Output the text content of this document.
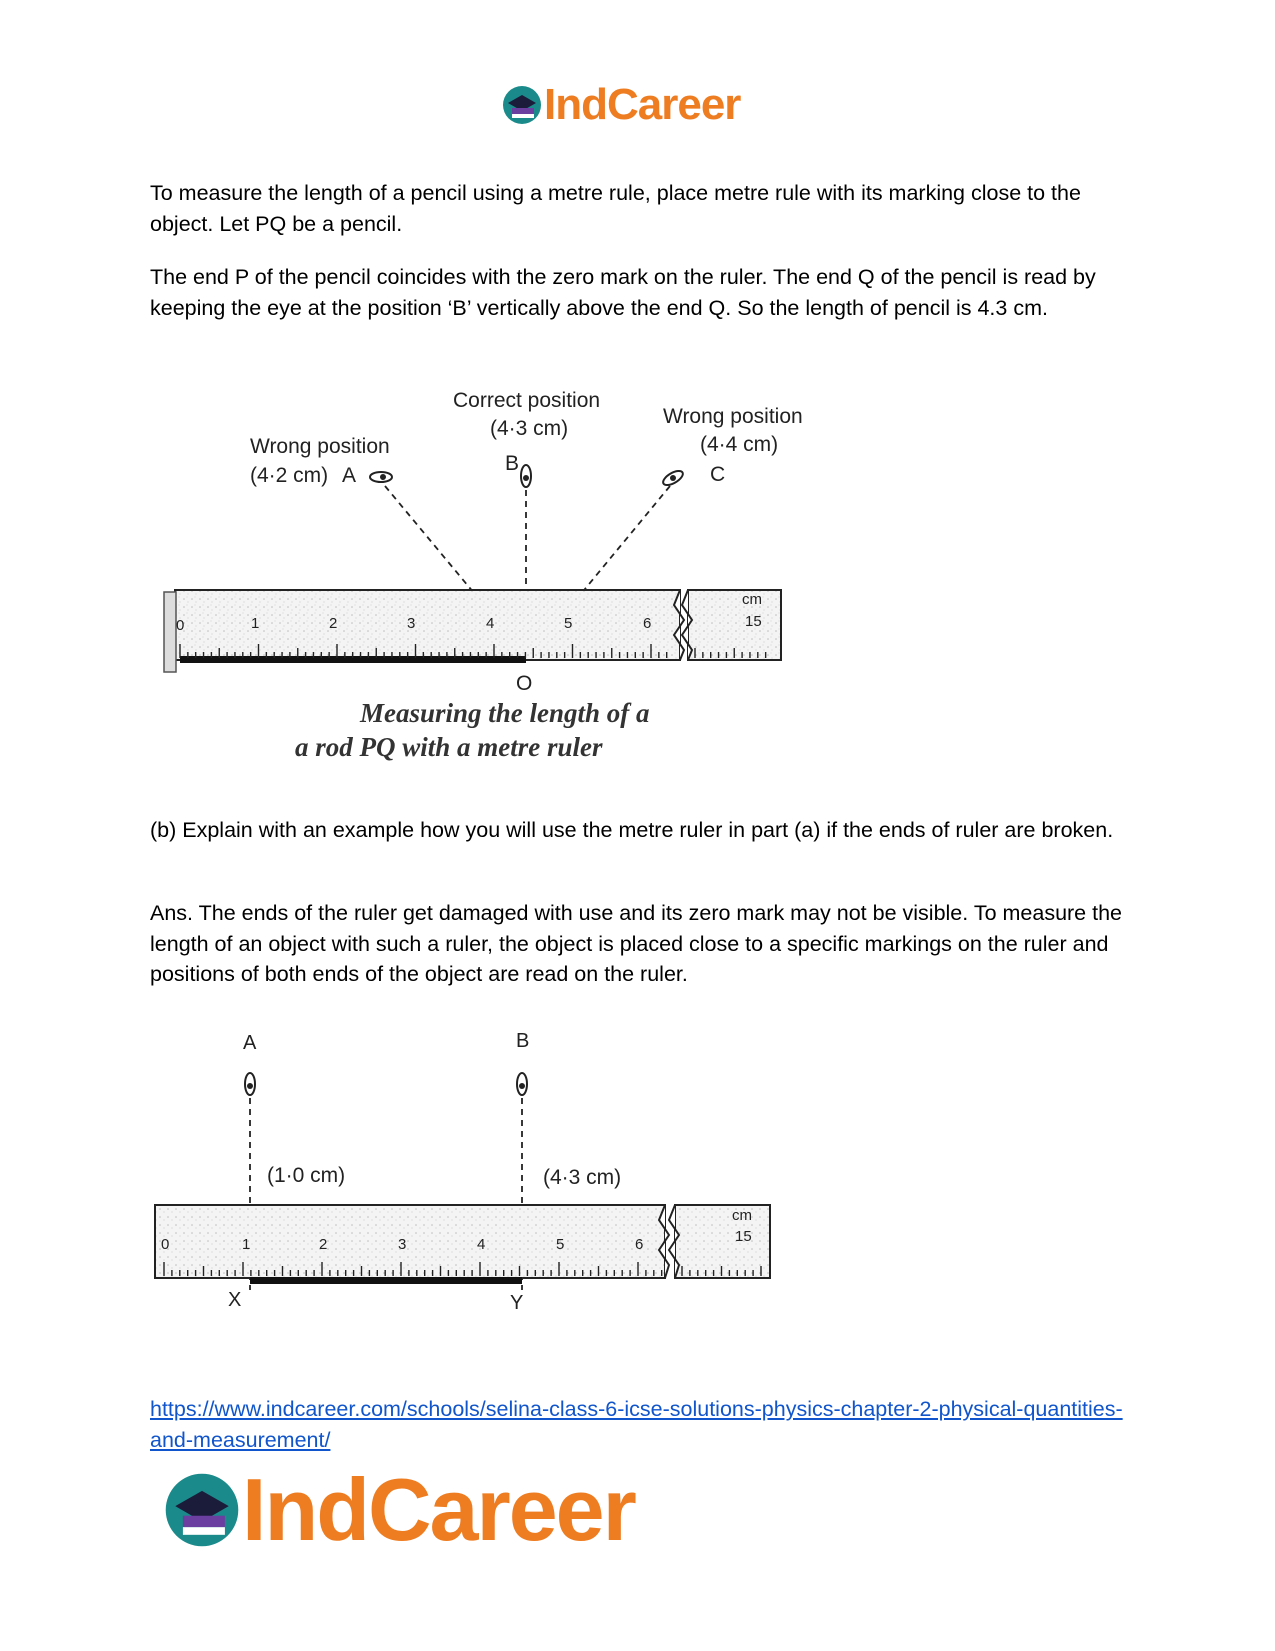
IndCareer

To measure the length of a pencil using a metre rule, place metre rule with its marking close to the object. Let PQ be a pencil.

The end P of the pencil coincides with the zero mark on the ruler. The end Q of the pencil is read by keeping the eye at the position ‘B’ vertically above the end Q. So the length of pencil is 4.3 cm.

Wrong position
(4·2 cm) A
Correct position
(4·3 cm)
B
Wrong position
(4·4 cm)
C
0	1	2	3	4	5	6
cm
15
O
Measuring the length of a
a rod PQ with a metre ruler

(b) Explain with an example how you will use the metre ruler in part (a) if the ends of ruler are broken.

Ans. The ends of the ruler get damaged with use and its zero mark may not be visible. To measure the length of an object with such a ruler, the object is placed close to a specific markings on the ruler and positions of both ends of the object are read on the ruler.

A	B
(1·0 cm)	(4·3 cm)
0	1	2	3	4	5	6
cm
15
X	Y
https://www.indcareer.com/schools/selina-class-6-icse-solutions-physics-chapter-2-physical-quantities-and-measurement/
IndCareer
